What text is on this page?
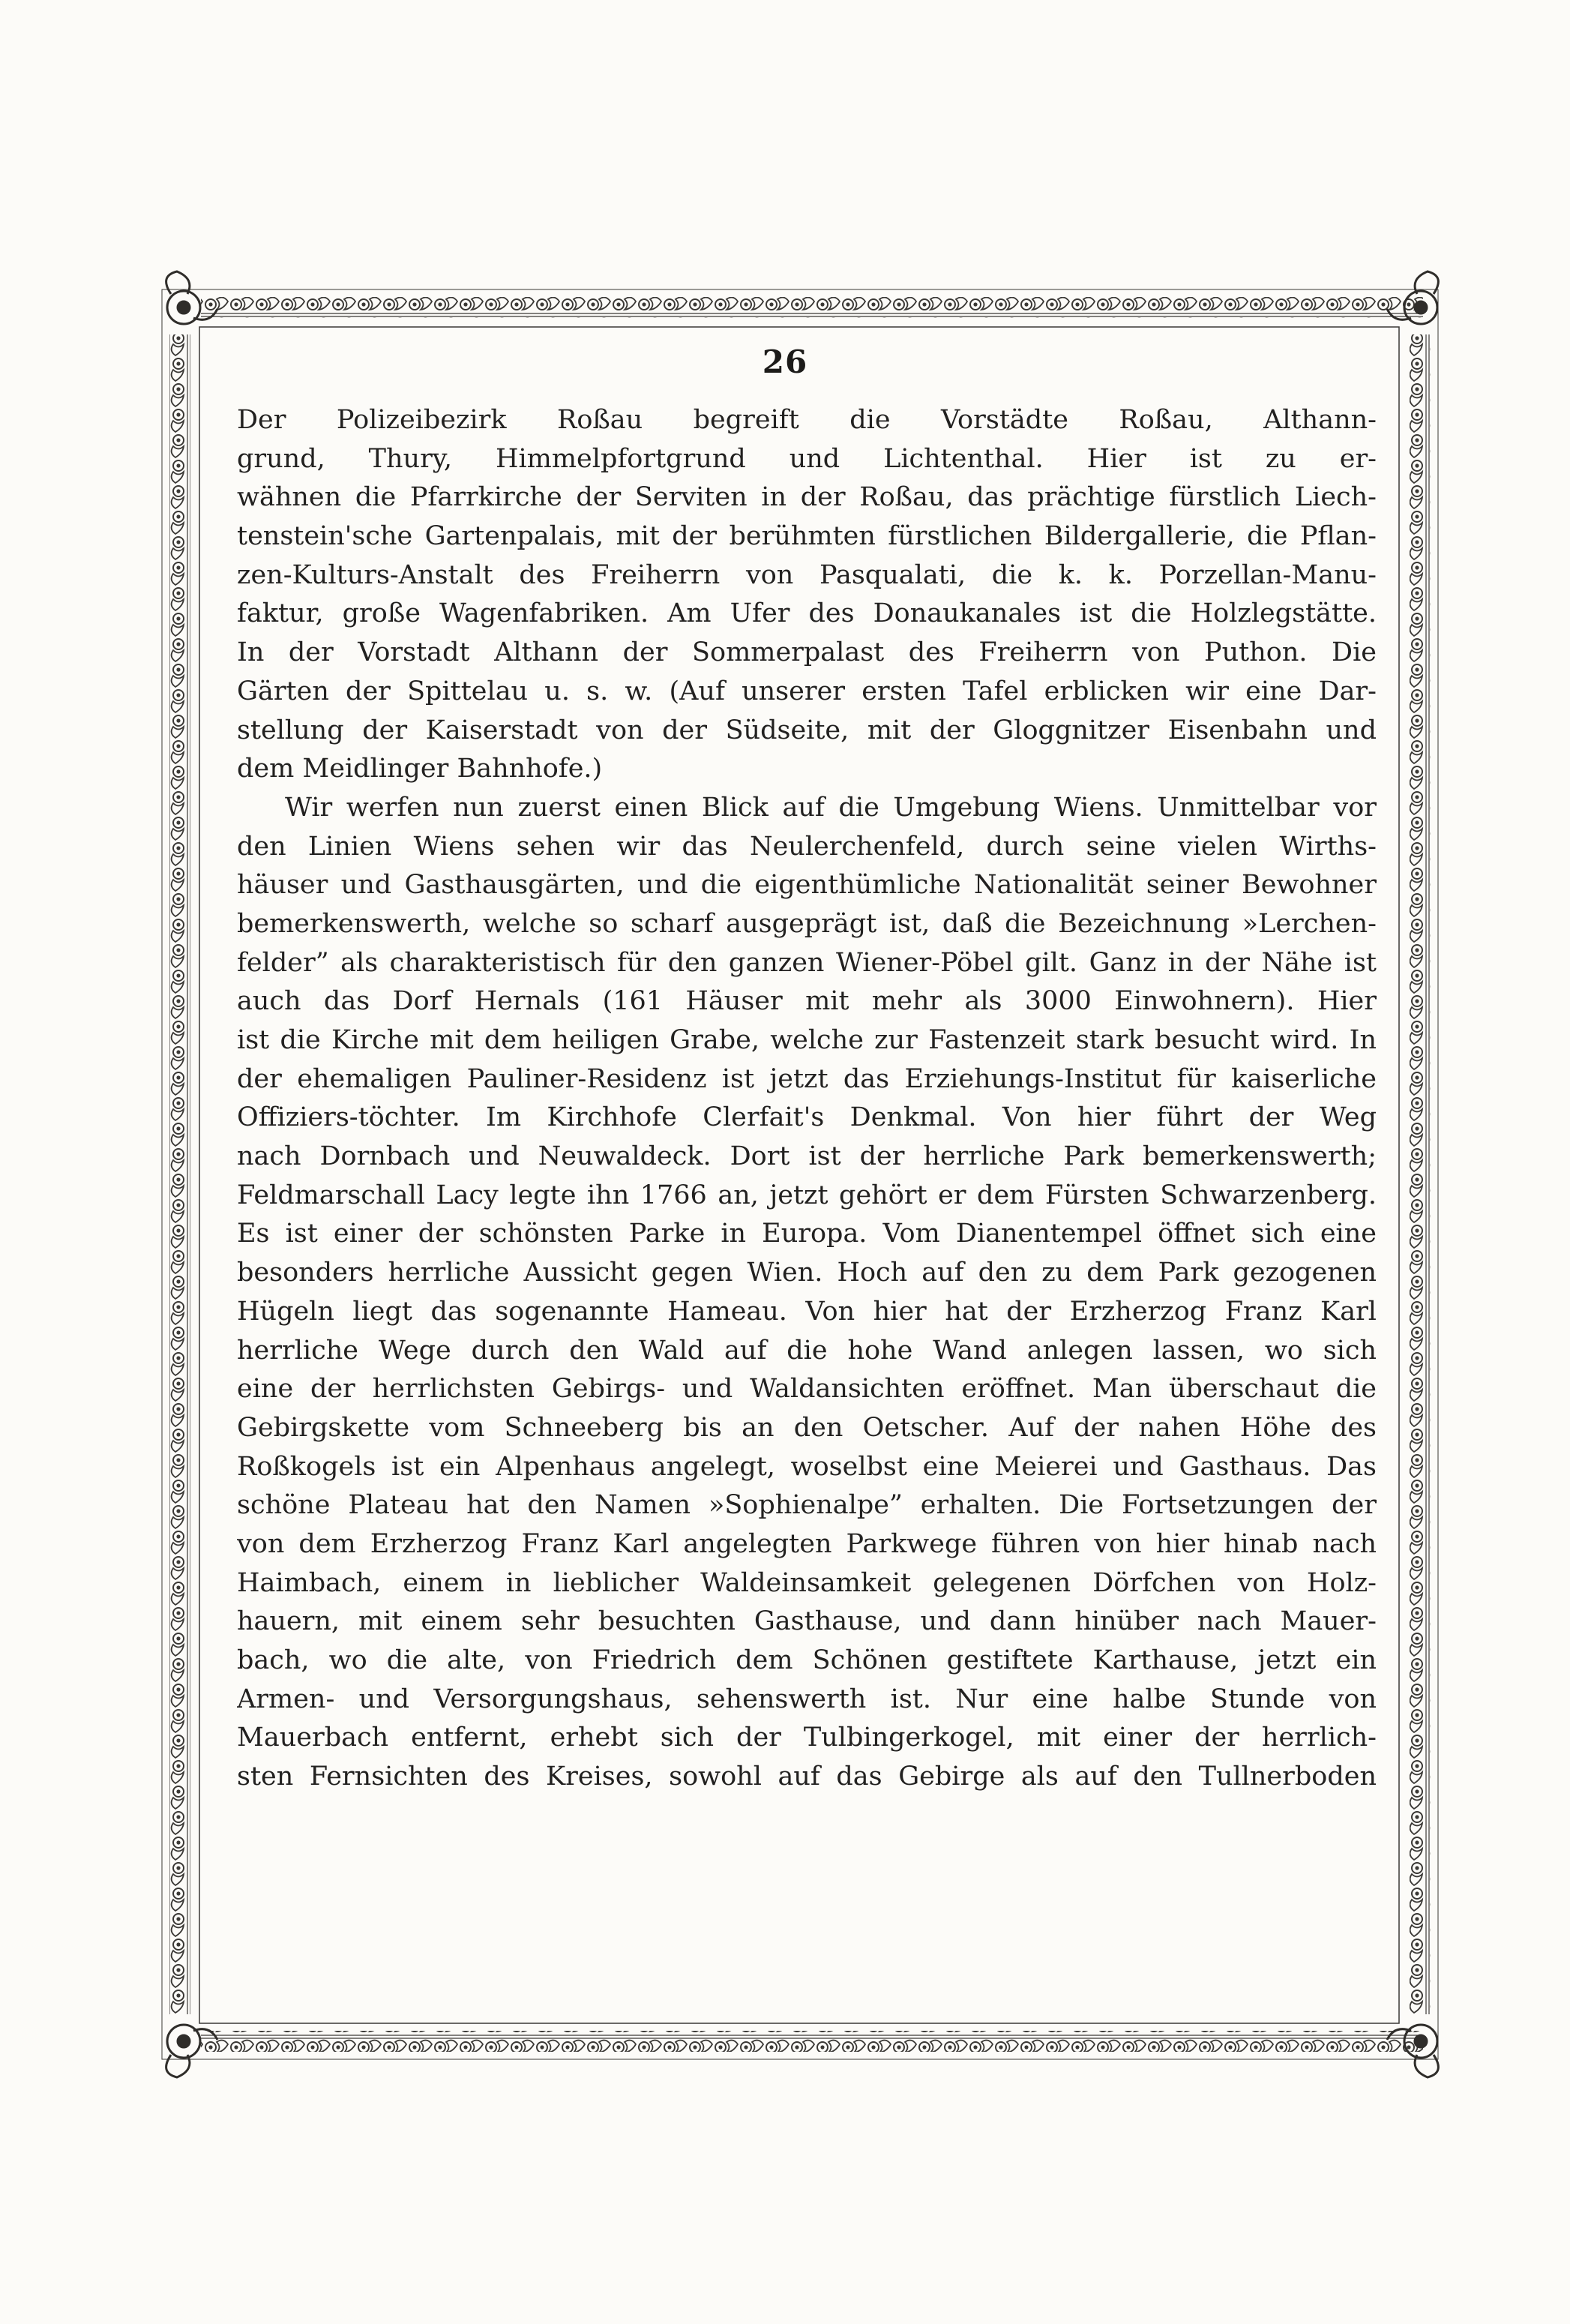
26
Der Polizeibezirk Roßau begreift die Vorstädte Roßau, Althann-
grund, Thury, Himmelpfortgrund und Lichtenthal. Hier ist zu er-
wähnen die Pfarrkirche der Serviten in der Roßau, das prächtige fürstlich Liech-
tenstein'sche Gartenpalais, mit der berühmten fürstlichen Bildergallerie, die Pflan-
zen-Kulturs-Anstalt des Freiherrn von Pasqualati, die k. k. Porzellan-Manu-
faktur, große Wagenfabriken. Am Ufer des Donaukanales ist die Holzlegstätte.
In der Vorstadt Althann der Sommerpalast des Freiherrn von Puthon. Die
Gärten der Spittelau u. s. w. (Auf unserer ersten Tafel erblicken wir eine Dar-
stellung der Kaiserstadt von der Südseite, mit der Gloggnitzer Eisenbahn und
dem Meidlinger Bahnhofe.)
Wir werfen nun zuerst einen Blick auf die Umgebung Wiens. Unmittelbar vor
den Linien Wiens sehen wir das Neulerchenfeld, durch seine vielen Wirths-
häuser und Gasthausgärten, und die eigenthümliche Nationalität seiner Bewohner
bemerkenswerth, welche so scharf ausgeprägt ist, daß die Bezeichnung »Lerchen-
felder” als charakteristisch für den ganzen Wiener-Pöbel gilt. Ganz in der Nähe ist
auch das Dorf Hernals (161 Häuser mit mehr als 3000 Einwohnern). Hier
ist die Kirche mit dem heiligen Grabe, welche zur Fastenzeit stark besucht wird. In
der ehemaligen Pauliner-Residenz ist jetzt das Erziehungs-Institut für kaiserliche
Offiziers-töchter. Im Kirchhofe Clerfait's Denkmal. Von hier führt der Weg
nach Dornbach und Neuwaldeck. Dort ist der herrliche Park bemerkenswerth;
Feldmarschall Lacy legte ihn 1766 an, jetzt gehört er dem Fürsten Schwarzenberg.
Es ist einer der schönsten Parke in Europa. Vom Dianentempel öffnet sich eine
besonders herrliche Aussicht gegen Wien. Hoch auf den zu dem Park gezogenen
Hügeln liegt das sogenannte Hameau. Von hier hat der Erzherzog Franz Karl
herrliche Wege durch den Wald auf die hohe Wand anlegen lassen, wo sich
eine der herrlichsten Gebirgs- und Waldansichten eröffnet. Man überschaut die
Gebirgskette vom Schneeberg bis an den Oetscher. Auf der nahen Höhe des
Roßkogels ist ein Alpenhaus angelegt, woselbst eine Meierei und Gasthaus. Das
schöne Plateau hat den Namen »Sophienalpe” erhalten. Die Fortsetzungen der
von dem Erzherzog Franz Karl angelegten Parkwege führen von hier hinab nach
Haimbach, einem in lieblicher Waldeinsamkeit gelegenen Dörfchen von Holz-
hauern, mit einem sehr besuchten Gasthause, und dann hinüber nach Mauer-
bach, wo die alte, von Friedrich dem Schönen gestiftete Karthause, jetzt ein
Armen- und Versorgungshaus, sehenswerth ist. Nur eine halbe Stunde von
Mauerbach entfernt, erhebt sich der Tulbingerkogel, mit einer der herrlich-
sten Fernsichten des Kreises, sowohl auf das Gebirge als auf den Tullnerboden
